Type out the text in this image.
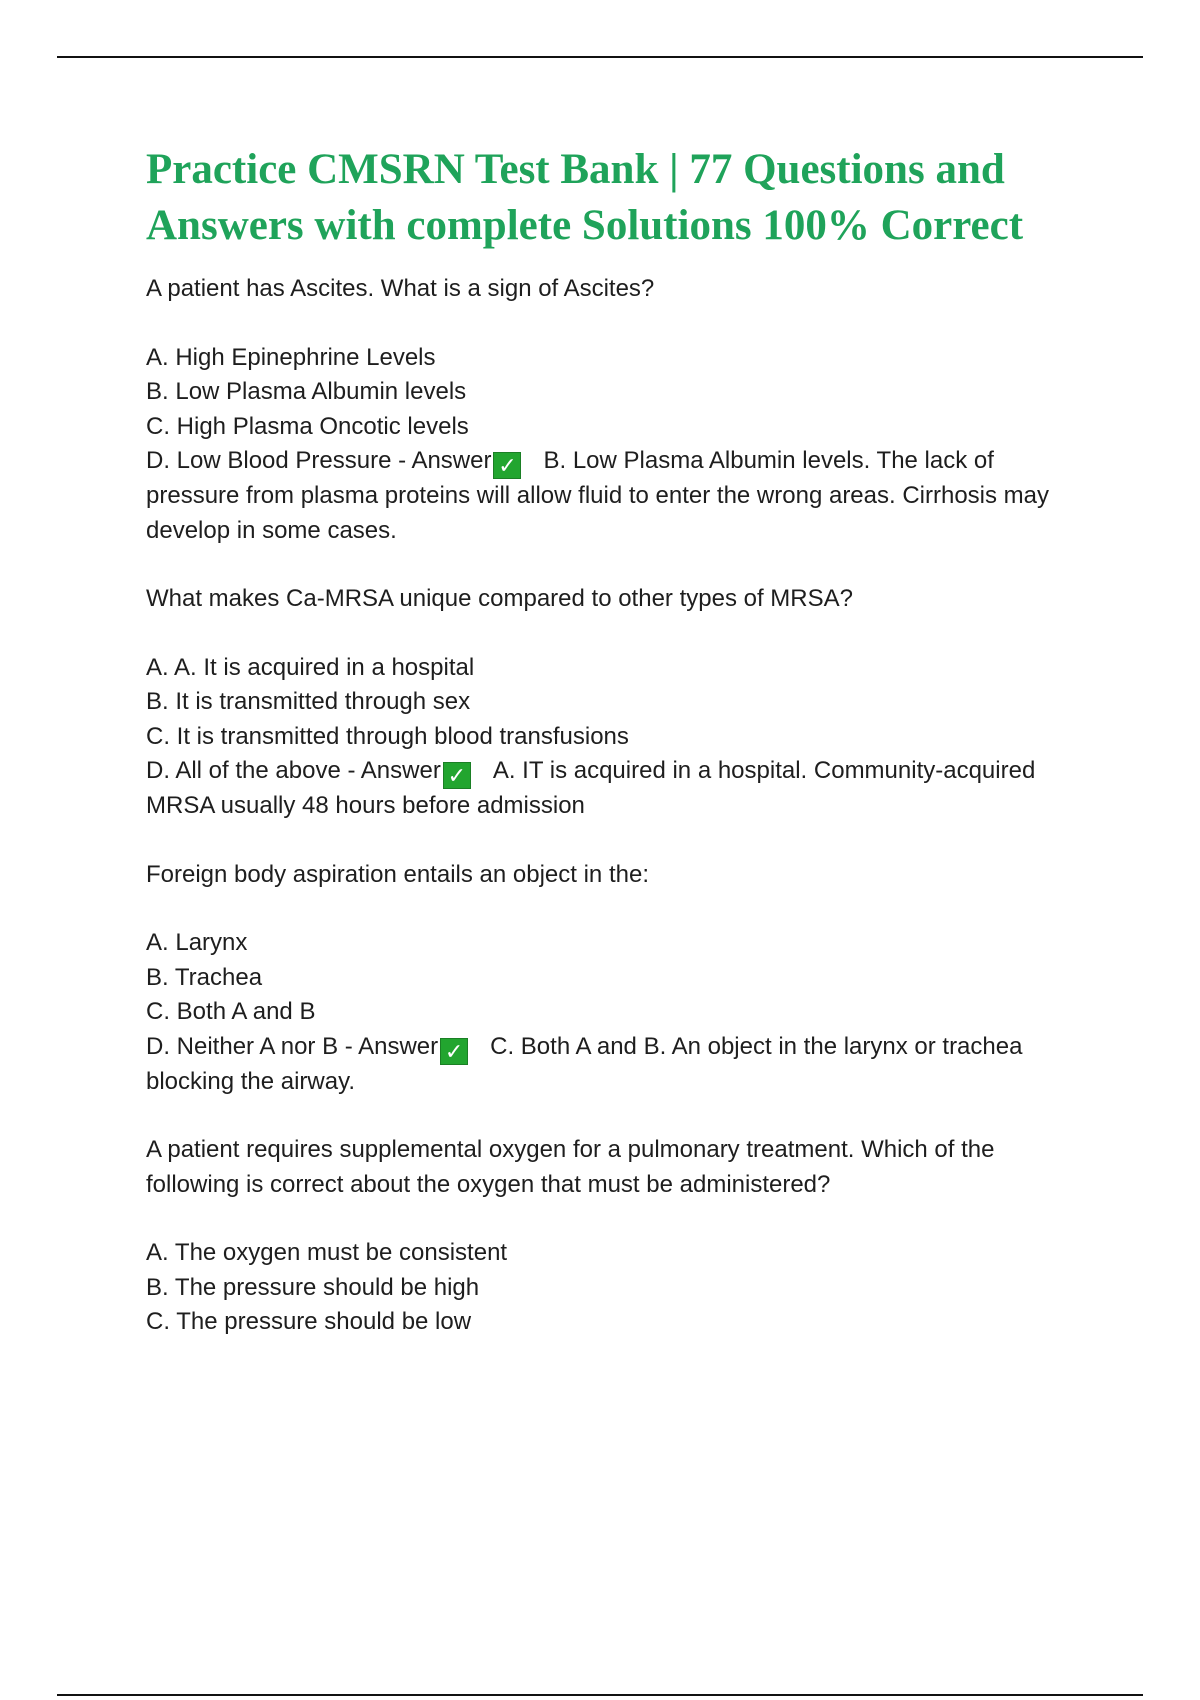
Practice CMSRN Test Bank | 77 Questions and Answers with complete Solutions 100% Correct

A patient has Ascites. What is a sign of Ascites?

A. High Epinephrine Levels

B. Low Plasma Albumin levels

C. High Plasma Oncotic levels

D. Low Blood Pressure - Answer ✓ B. Low Plasma Albumin levels. The lack of pressure from plasma proteins will allow fluid to enter the wrong areas. Cirrhosis may develop in some cases.

What makes Ca-MRSA unique compared to other types of MRSA?

A. A. It is acquired in a hospital

B. It is transmitted through sex

C. It is transmitted through blood transfusions

D. All of the above - Answer ✓ A. IT is acquired in a hospital. Community-acquired MRSA usually 48 hours before admission

Foreign body aspiration entails an object in the:

A. Larynx

B. Trachea

C. Both A and B

D. Neither A nor B - Answer ✓ C. Both A and B. An object in the larynx or trachea blocking the airway.

A patient requires supplemental oxygen for a pulmonary treatment. Which of the following is correct about the oxygen that must be administered?

A. The oxygen must be consistent

B. The pressure should be high

C. The pressure should be low
